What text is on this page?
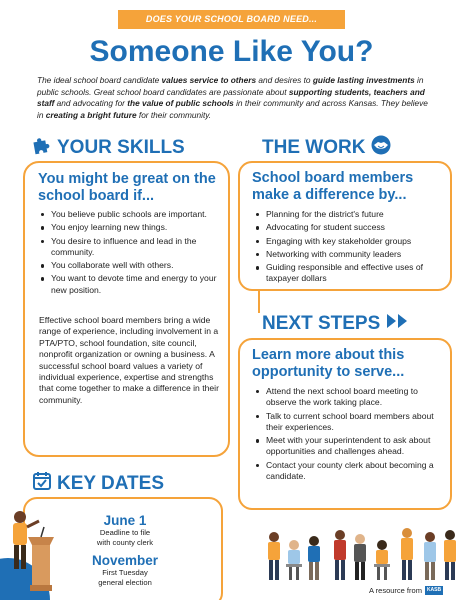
DOES YOUR SCHOOL BOARD NEED...
Someone Like You?

The ideal school board candidate values service to others and desires to guide lasting investments in public schools. Great school board candidates are passionate about supporting students, teachers and staff and advocating for the value of public schools in their community and across Kansas. They believe in creating a bright future for their community.

YOUR SKILLS
You might be great on the school board if...
You believe public schools are important.
You enjoy learning new things.
You desire to influence and lead in the community.
You collaborate well with others.
You want to devote time and energy to your new position.

Effective school board members bring a wide range of experience, including involvement in a PTA/PTO, school foundation, site council, nonprofit organization or owning a business. A successful school board values a variety of individual experience, expertise and strengths that come together to make a difference in their community.

THE WORK
School board members make a difference by...
Planning for the district's future
Advocating for student success
Engaging with key stakeholder groups
Networking with community leaders
Guiding responsible and effective uses of taxpayer dollars
NEXT STEPS
Learn more about this opportunity to serve...
Attend the next school board meeting to observe the work taking place.
Talk to current school board members about their experiences.
Meet with your superintendent to ask about opportunities and challenges ahead.
Contact your county clerk about becoming a candidate.
KEY DATES
June 1
Deadline to file
with county clerk
November
First Tuesday
general election
A resource from	KASB
